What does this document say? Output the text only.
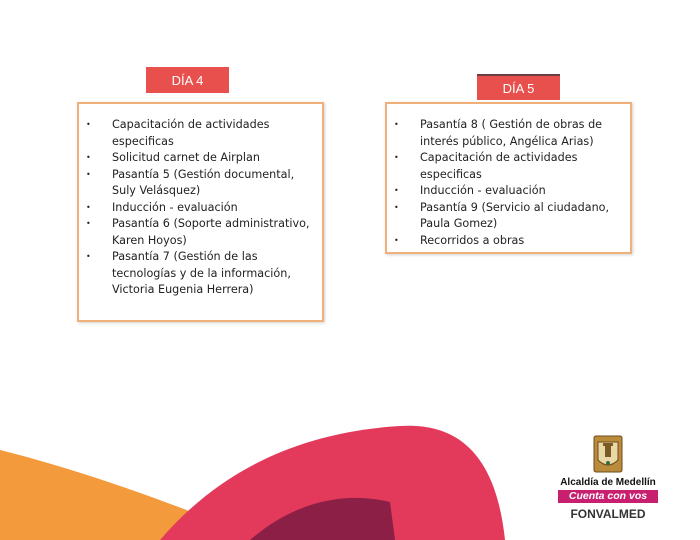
DÍA 4
• Capacitación de actividades especificas
• Solicitud carnet de Airplan
• Pasantía 5 (Gestión documental, Suly Velásquez)
• Inducción - evaluación
• Pasantía 6 (Soporte administrativo, Karen Hoyos)
• Pasantía 7 (Gestión de las tecnologías y de la información, Victoria Eugenia Herrera)
DÍA 5
• Pasantía 8 ( Gestión de obras de interés público, Angélica Arias)
• Capacitación de actividades especificas
• Inducción - evaluación
• Pasantía 9 (Servicio al ciudadano, Paula Gomez)
• Recorridos a obras
Alcaldía de Medellín
Cuenta con vos
FONVALMED
